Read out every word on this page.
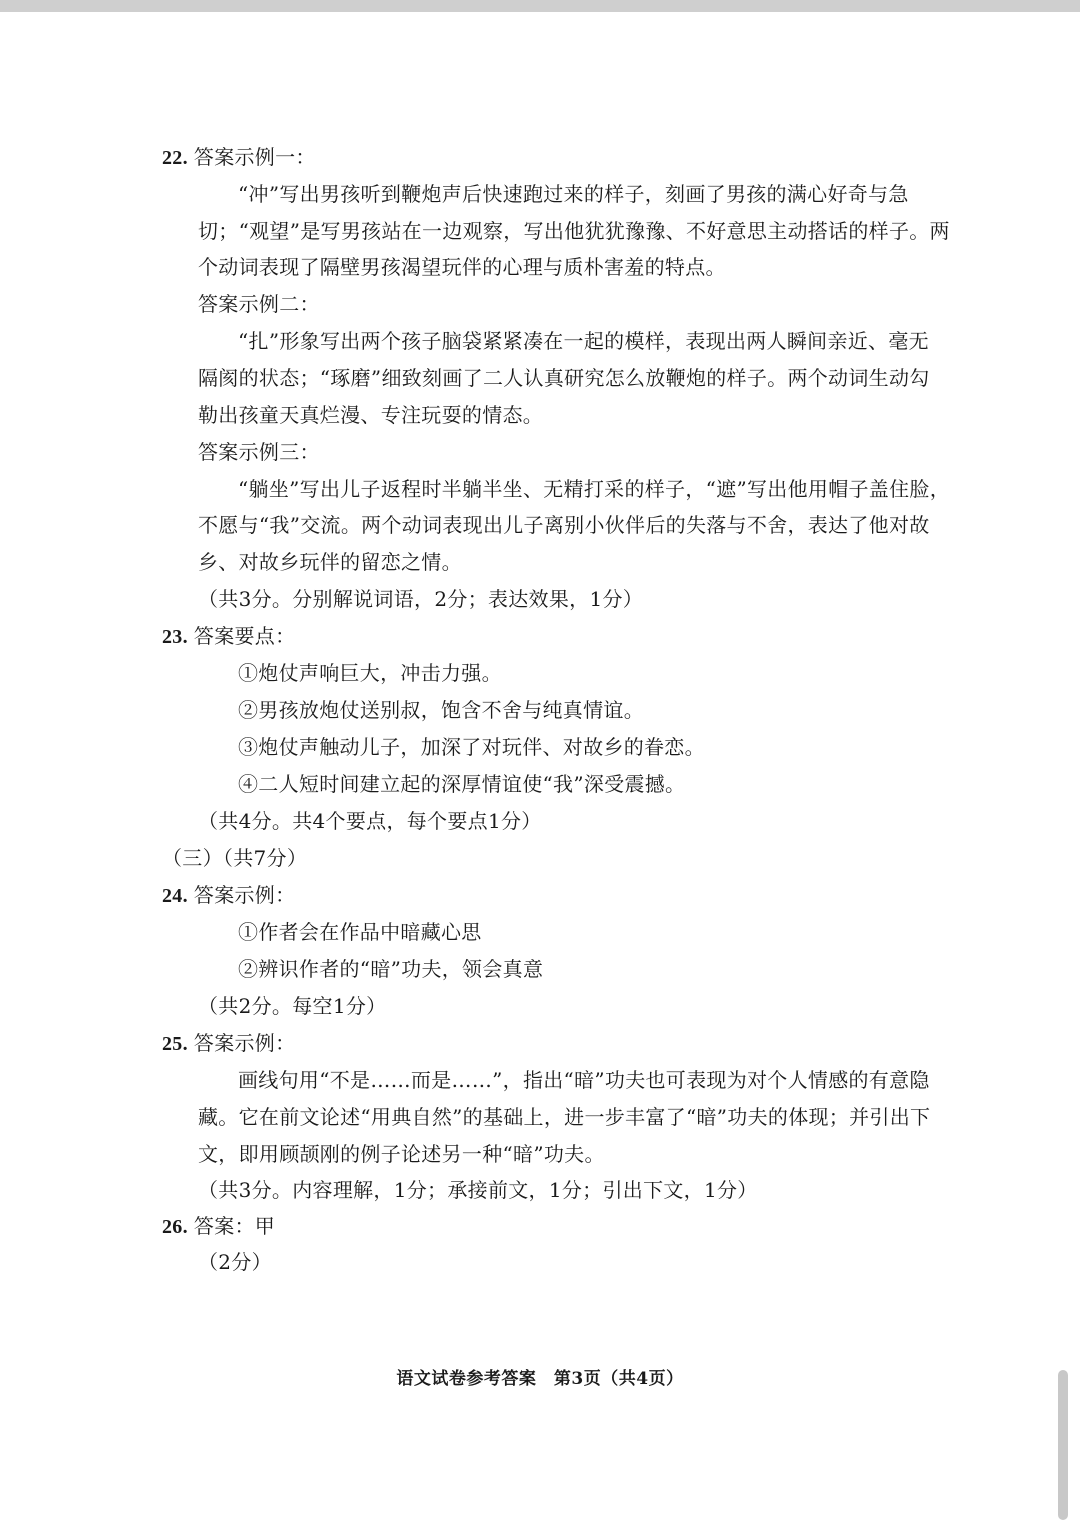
22. 答案示例一：
“冲”写出男孩听到鞭炮声后快速跑过来的样子，刻画了男孩的满心好奇与急
切；“观望”是写男孩站在一边观察，写出他犹犹豫豫、不好意思主动搭话的样子。两
个动词表现了隔壁男孩渴望玩伴的心理与质朴害羞的特点。
答案示例二：
“扎”形象写出两个孩子脑袋紧紧凑在一起的模样，表现出两人瞬间亲近、毫无
隔阂的状态；“琢磨”细致刻画了二人认真研究怎么放鞭炮的样子。两个动词生动勾
勒出孩童天真烂漫、专注玩耍的情态。
答案示例三：
“躺坐”写出儿子返程时半躺半坐、无精打采的样子，“遮”写出他用帽子盖住脸，
不愿与“我”交流。两个动词表现出儿子离别小伙伴后的失落与不舍，表达了他对故
乡、对故乡玩伴的留恋之情。
（共3分。分别解说词语，2分；表达效果，1分）
23. 答案要点：
①炮仗声响巨大，冲击力强。
②男孩放炮仗送别叔，饱含不舍与纯真情谊。
③炮仗声触动儿子，加深了对玩伴、对故乡的眷恋。
④二人短时间建立起的深厚情谊使“我”深受震撼。
（共4分。共4个要点，每个要点1分）
（三）（共7分）
24. 答案示例：
①作者会在作品中暗藏心思
②辨识作者的“暗”功夫，领会真意
（共2分。每空1分）
25. 答案示例：
画线句用“不是……而是……”，指出“暗”功夫也可表现为对个人情感的有意隐
藏。它在前文论述“用典自然”的基础上，进一步丰富了“暗”功夫的体现；并引出下
文，即用顾颉刚的例子论述另一种“暗”功夫。
（共3分。内容理解，1分；承接前文，1分；引出下文，1分）
26. 答案：甲
（2分）
语文试卷参考答案　第3页（共4页）
